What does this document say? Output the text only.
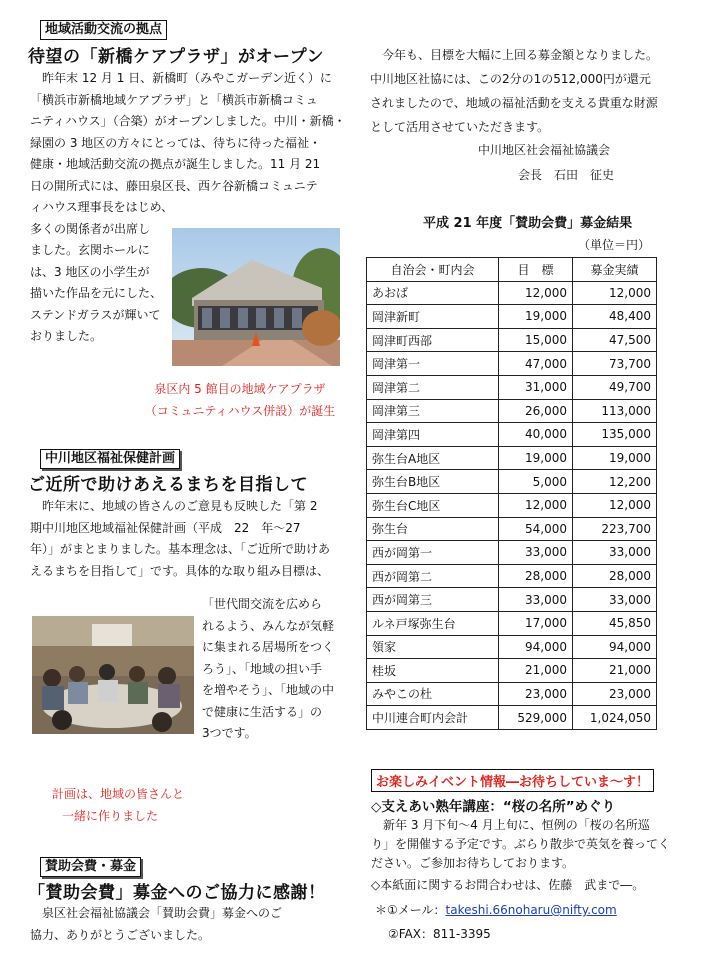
地域活動交流の拠点
待望の「新橋ケアプラザ」がオープン
　昨年末 12 月 1 日、新橋町（みやこガーデン近く）に
「横浜市新橋地域ケアプラザ」と「横浜市新橋コミュ
ニティハウス」（合築）がオープンしました。中川・新橋・
緑園の 3 地区の方々にとっては、待ちに待った福祉・
健康・地域活動交流の拠点が誕生しました。11 月 21
日の開所式には、藤田泉区長、西ケ谷新橋コミュニテ
ィハウス理事長をはじめ、
多くの関係者が出席し
ました。玄関ホールに
は、3 地区の小学生が
描いた作品を元にした、
ステンドガラスが輝いて
おりました。
泉区内 5 館目の地域ケアプラザ
（コミュニティハウス併設）が誕生
中川地区福祉保健計画
ご近所で助けあえるまちを目指して
　昨年末に、地域の皆さんのご意見も反映した「第 2
期中川地区地域福祉保健計画（平成　22　年～27
年）」がまとまりました。基本理念は、「ご近所で助けあ
えるまちを目指して」です。具体的な取り組み目標は、
「世代間交流を広めら
れるよう、みんなが気軽
に集まれる居場所をつく
ろう」、「地域の担い手
を増やそう」、「地域の中
で健康に生活する」の
3つです。
計画は、地域の皆さんと
一緒に作りました
賛助会費・募金
「賛助会費」募金へのご協力に感謝！
　泉区社会福祉協議会「賛助会費」募金へのご
協力、ありがとうございました。
　今年も、目標を大幅に上回る募金額となりました。
中川地区社協には、この2分の1の512,000円が還元
されましたので、地域の福祉活動を支える貴重な財源
として活用させていただきます。
中川地区社会福祉協議会
会長　石田　征史
平成 21 年度「賛助会費」募金結果
（単位＝円）
自治会・町内会	目　標	募金実績
あおば	12,000	12,000
岡津新町	19,000	48,400
岡津町西部	15,000	47,500
岡津第一	47,000	73,700
岡津第二	31,000	49,700
岡津第三	26,000	113,000
岡津第四	40,000	135,000
弥生台A地区	19,000	19,000
弥生台B地区	5,000	12,200
弥生台C地区	12,000	12,000
弥生台	54,000	223,700
西が岡第一	33,000	33,000
西が岡第二	28,000	28,000
西が岡第三	33,000	33,000
ルネ戸塚弥生台	17,000	45,850
領家	94,000	94,000
桂坂	21,000	21,000
みやこの杜	23,000	23,000
中川連合町内会計	529,000	1,024,050
お楽しみイベント情報―お待ちしていま～す！
◇支えあい熟年講座：“桜の名所”めぐり
　新年 3 月下旬～4 月上旬に、恒例の「桜の名所巡
り」を開催する予定です。ぶらり散歩で英気を養ってく
ださい。ご参加お待ちしております。
◇本紙面に関するお問合わせは、佐藤　武まで―。
＊①メール：takeshi.66noharu@nifty.com
②FAX：811-3395
